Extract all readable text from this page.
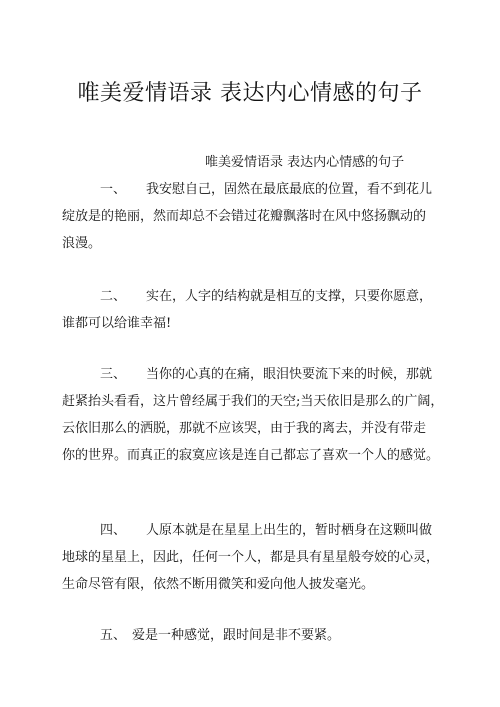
唯美爱情语录 表达内心情感的句子
唯美爱情语录 表达内心情感的句子
一、 我安慰自己，固然在最底最底的位置，看不到花儿
绽放是的艳丽，然而却总不会错过花瓣飘落时在风中悠扬飘动的
浪漫。
二、 实在，人字的结构就是相互的支撑，只要你愿意，
谁都可以给谁幸福!
三、 当你的心真的在痛，眼泪快要流下来的时候，那就
赶紧抬头看看，这片曾经属于我们的天空;当天依旧是那么的广阔，
云依旧那么的洒脱，那就不应该哭，由于我的离去，并没有带走
你的世界。而真正的寂寞应该是连自己都忘了喜欢一个人的感觉。
四、 人原本就是在星星上出生的，暂时栖身在这颗叫做
地球的星星上，因此，任何一个人，都是具有星星般夸姣的心灵，
生命尽管有限，依然不断用微笑和爱向他人披发毫光。
五、 爱是一种感觉，跟时间是非不要紧。
